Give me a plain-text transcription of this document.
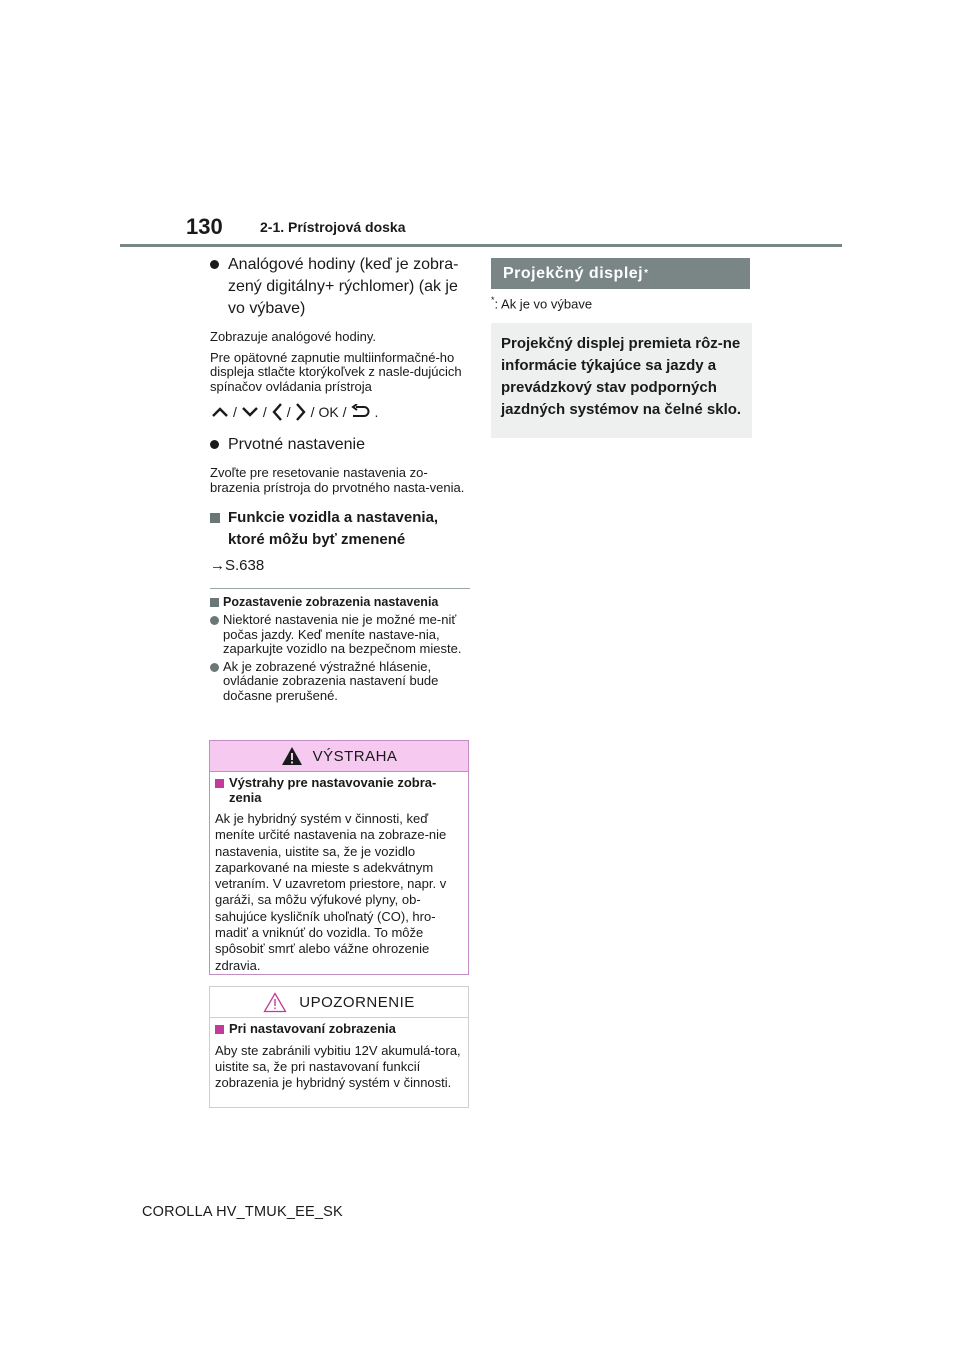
130	2-1. Prístrojová doska
Analógové hodiny (keď je zobra-zený digitálny+ rýchlomer) (ak je vo výbave)

Zobrazuje analógové hodiny.

Pre opätovné zapnutie multiinformačné-ho displeja stlačte ktorýkoľvek z nasle-dujúcich spínačov ovládania prístroja

/ / / / OK / .
Prvotné nastavenie

Zvoľte pre resetovanie nastavenia zo-brazenia prístroja do prvotného nasta-venia.

Funkcie vozidla a nastavenia, ktoré môžu byť zmenené
→S.638
Pozastavenie zobrazenia nastavenia
Niektoré nastavenia nie je možné me-niť počas jazdy. Keď meníte nastave-nia, zaparkujte vozidlo na bezpečnom mieste.
Ak je zobrazené výstražné hlásenie, ovládanie zobrazenia nastavení bude dočasne prerušené.
VÝSTRAHA
Výstrahy pre nastavovanie zobra-zenia
Ak je hybridný systém v činnosti, keď meníte určité nastavenia na zobraze-nie nastavenia, uistite sa, že je vozidlo zaparkované na mieste s adekvátnym vetraním. V uzavretom priestore, napr. v garáži, sa môžu výfukové plyny, ob-sahujúce kysličník uhoľnatý (CO), hro-madiť a vniknúť do vozidla. To môže spôsobiť smrť alebo vážne ohrozenie zdravia.
UPOZORNENIE
Pri nastavovaní zobrazenia
Aby ste zabránili vybitiu 12V akumulá-tora, uistite sa, že pri nastavovaní funkcií zobrazenia je hybridný systém v činnosti.
Projekčný displej *
*: Ak je vo výbave
Projekčný displej premieta rôz-ne informácie týkajúce sa jazdy a prevádzkový stav podporných jazdných systémov na čelné sklo.
COROLLA HV_TMUK_EE_SK
